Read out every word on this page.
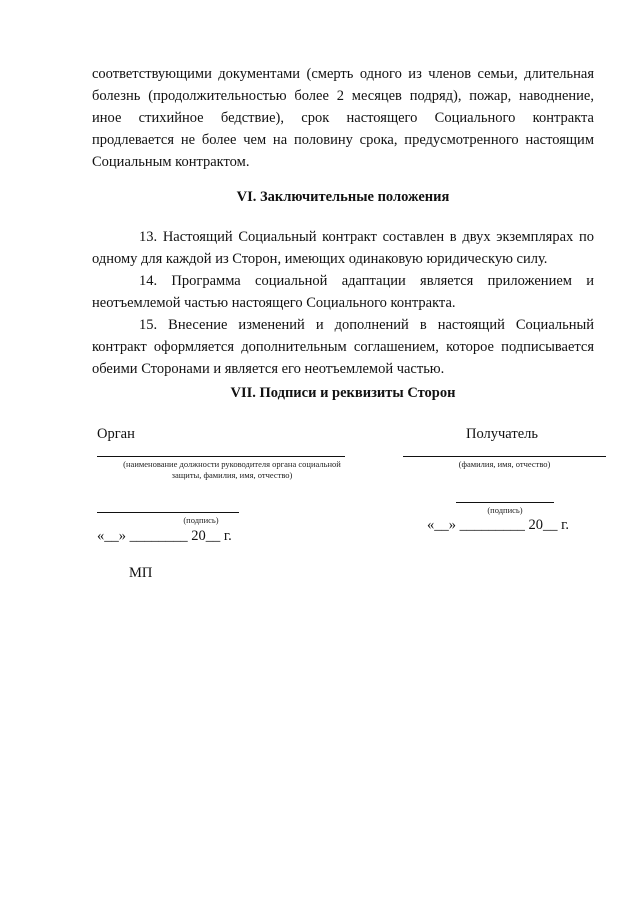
соответствующими документами (смерть одного из членов семьи, длительная болезнь (продолжительностью более 2 месяцев подряд), пожар, наводнение, иное стихийное бедствие), срок настоящего Социального контракта продлевается не более чем на половину срока, предусмотренного настоящим Социальным контрактом.

VI. Заключительные положения

13. Настоящий Социальный контракт составлен в двух экземплярах по одному для каждой из Сторон, имеющих одинаковую юридическую силу.

14. Программа социальной адаптации является приложением и неотъемлемой частью настоящего Социального контракта.

15. Внесение изменений и дополнений в настоящий Социальный контракт оформляется дополнительным соглашением, которое подписывается обеими Сторонами и является его неотъемлемой частью.

VII. Подписи и реквизиты Сторон
Орган	Получатель
(наименование должности руководителя органа социальной
защиты, фамилия, имя, отчество)
(фамилия, имя, отчество)
(подпись)
(подпись)	«__» _________ 20__ г.
«__» ________ 20__ г.
МП
